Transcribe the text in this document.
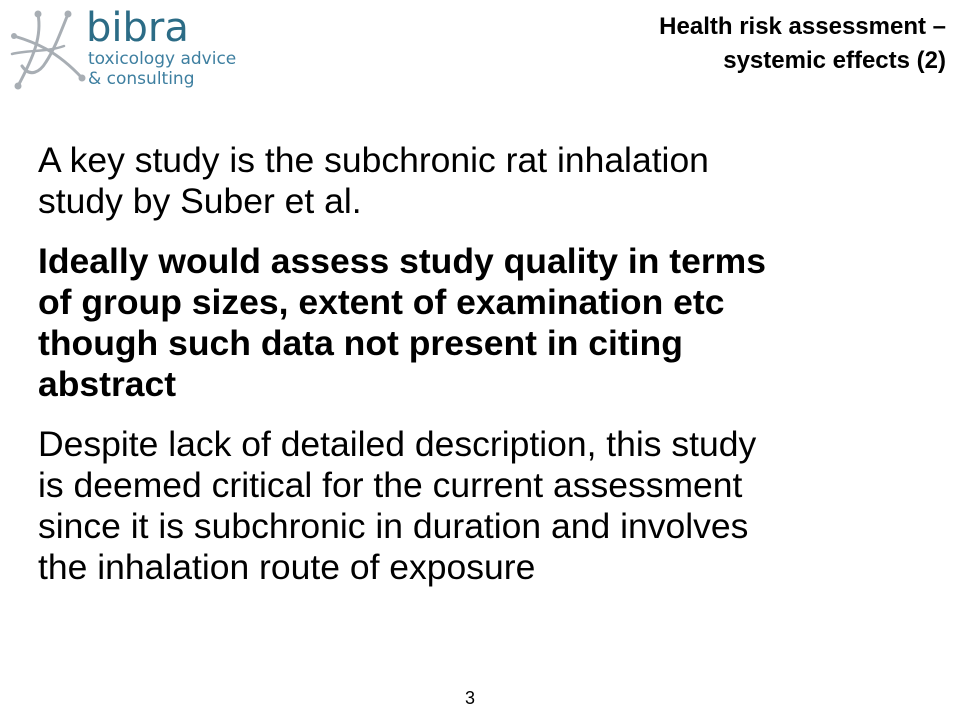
bibra
toxicology advice
& consulting
Health risk assessment –
systemic effects (2)
A key study is the subchronic rat inhalation
study by Suber et al.
Ideally would assess study quality in terms
of group sizes, extent of examination etc
though such data not present in citing
abstract
Despite lack of detailed description, this study
is deemed critical for the current assessment
since it is subchronic in duration and involves
the inhalation route of exposure
3
